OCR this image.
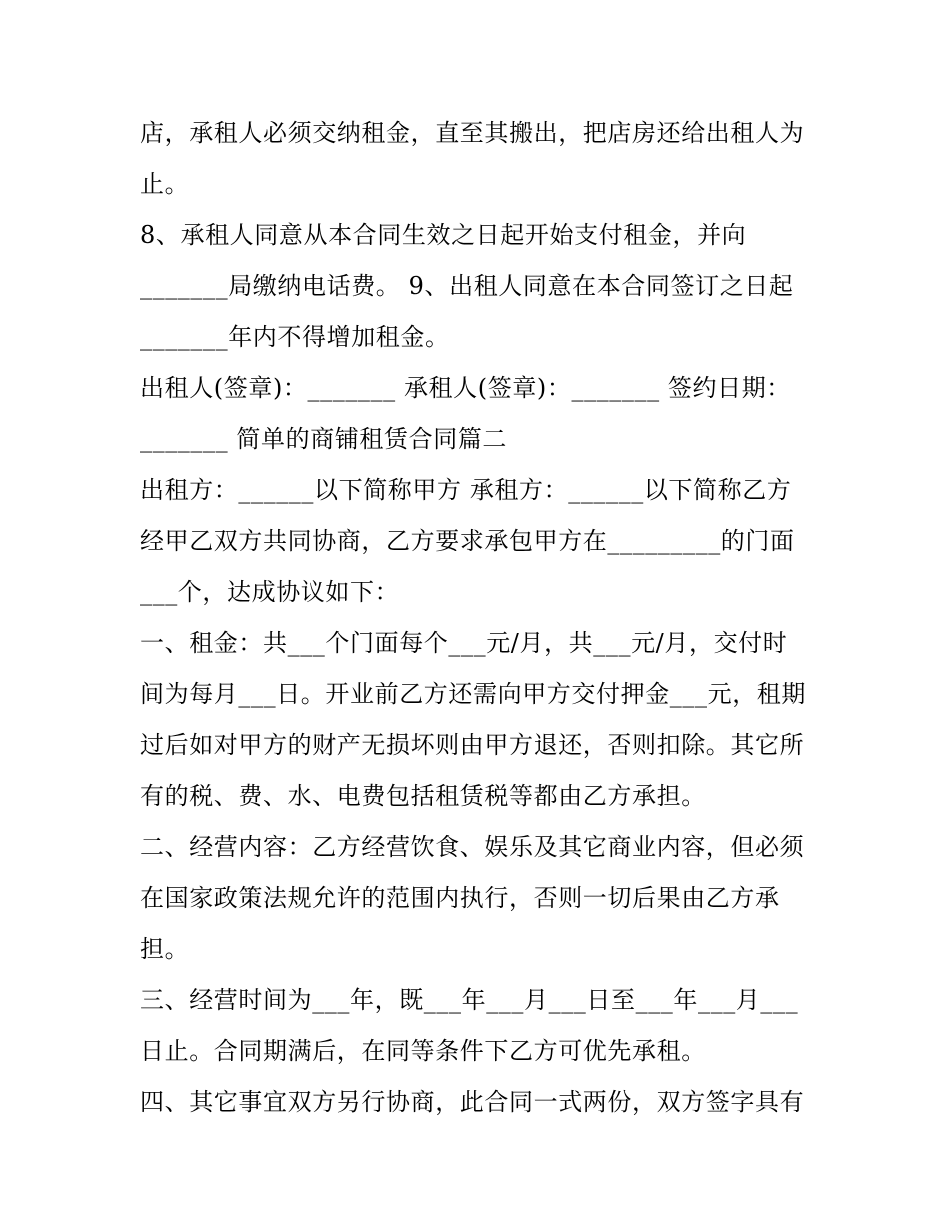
店，承租人必须交纳租金，直至其搬出，把店房还给出租人为
止。
8、承租人同意从本合同生效之日起开始支付租金，并向
_______局缴纳电话费。 9、出租人同意在本合同签订之日起
_______年内不得增加租金。
出租人(签章)：_______ 承租人(签章)：_______ 签约日期：
_______ 简单的商铺租赁合同篇二
出租方：______以下简称甲方 承租方：______以下简称乙方
经甲乙双方共同协商，乙方要求承包甲方在_________的门面
___个，达成协议如下：
一、租金：共___个门面每个___元/月，共___元/月，交付时
间为每月___日。开业前乙方还需向甲方交付押金___元，租期
过后如对甲方的财产无损坏则由甲方退还，否则扣除。其它所
有的税、费、水、电费包括租赁税等都由乙方承担。
二、经营内容：乙方经营饮食、娱乐及其它商业内容，但必须
在国家政策法规允许的范围内执行，否则一切后果由乙方承
担。
三、经营时间为___年，既___年___月___日至___年___月___
日止。合同期满后，在同等条件下乙方可优先承租。
四、其它事宜双方另行协商，此合同一式两份，双方签字具有
